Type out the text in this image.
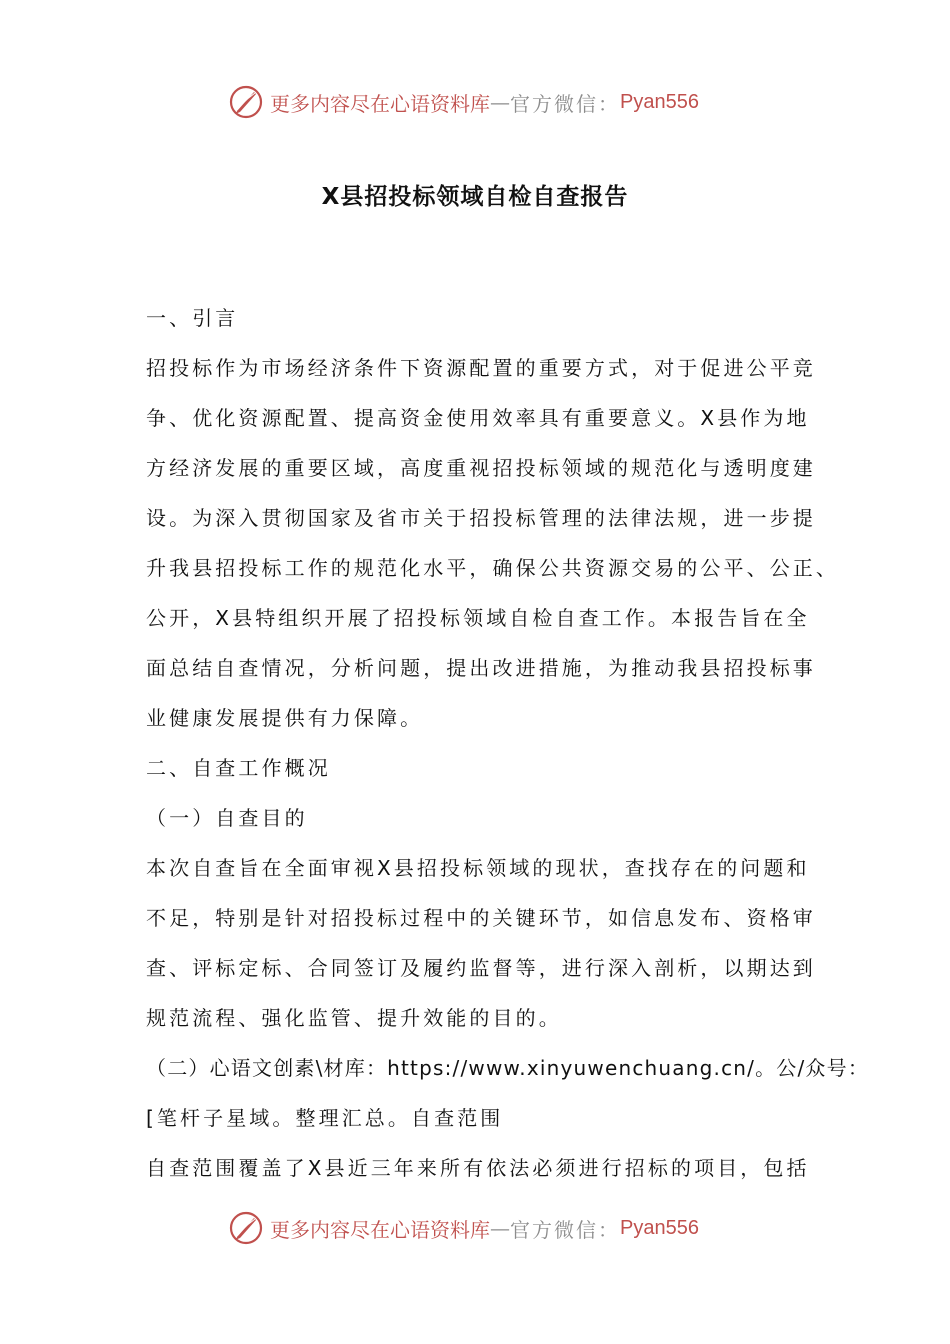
更多内容尽在心语资料库 — 官方微信： Pyan556
X县招投标领域自检自查报告
一、引言
招投标作为市场经济条件下资源配置的重要方式，对于促进公平竞
争、优化资源配置、提高资金使用效率具有重要意义。X县作为地
方经济发展的重要区域，高度重视招投标领域的规范化与透明度建
设。为深入贯彻国家及省市关于招投标管理的法律法规，进一步提
升我县招投标工作的规范化水平，确保公共资源交易的公平、公正、
公开，X县特组织开展了招投标领域自检自查工作。本报告旨在全
面总结自查情况，分析问题，提出改进措施，为推动我县招投标事
业健康发展提供有力保障。
二、自查工作概况
（一）自查目的
本次自查旨在全面审视X县招投标领域的现状，查找存在的问题和
不足，特别是针对招投标过程中的关键环节，如信息发布、资格审
查、评标定标、合同签订及履约监督等，进行深入剖析，以期达到
规范流程、强化监管、提升效能的目的。
（二）心语文创素\材库：https://www.xinyuwenchuang.cn/。公/众号：
[笔杆子星域。整理汇总。自查范围
自查范围覆盖了X县近三年来所有依法必须进行招标的项目，包括
更多内容尽在心语资料库 — 官方微信： Pyan556
